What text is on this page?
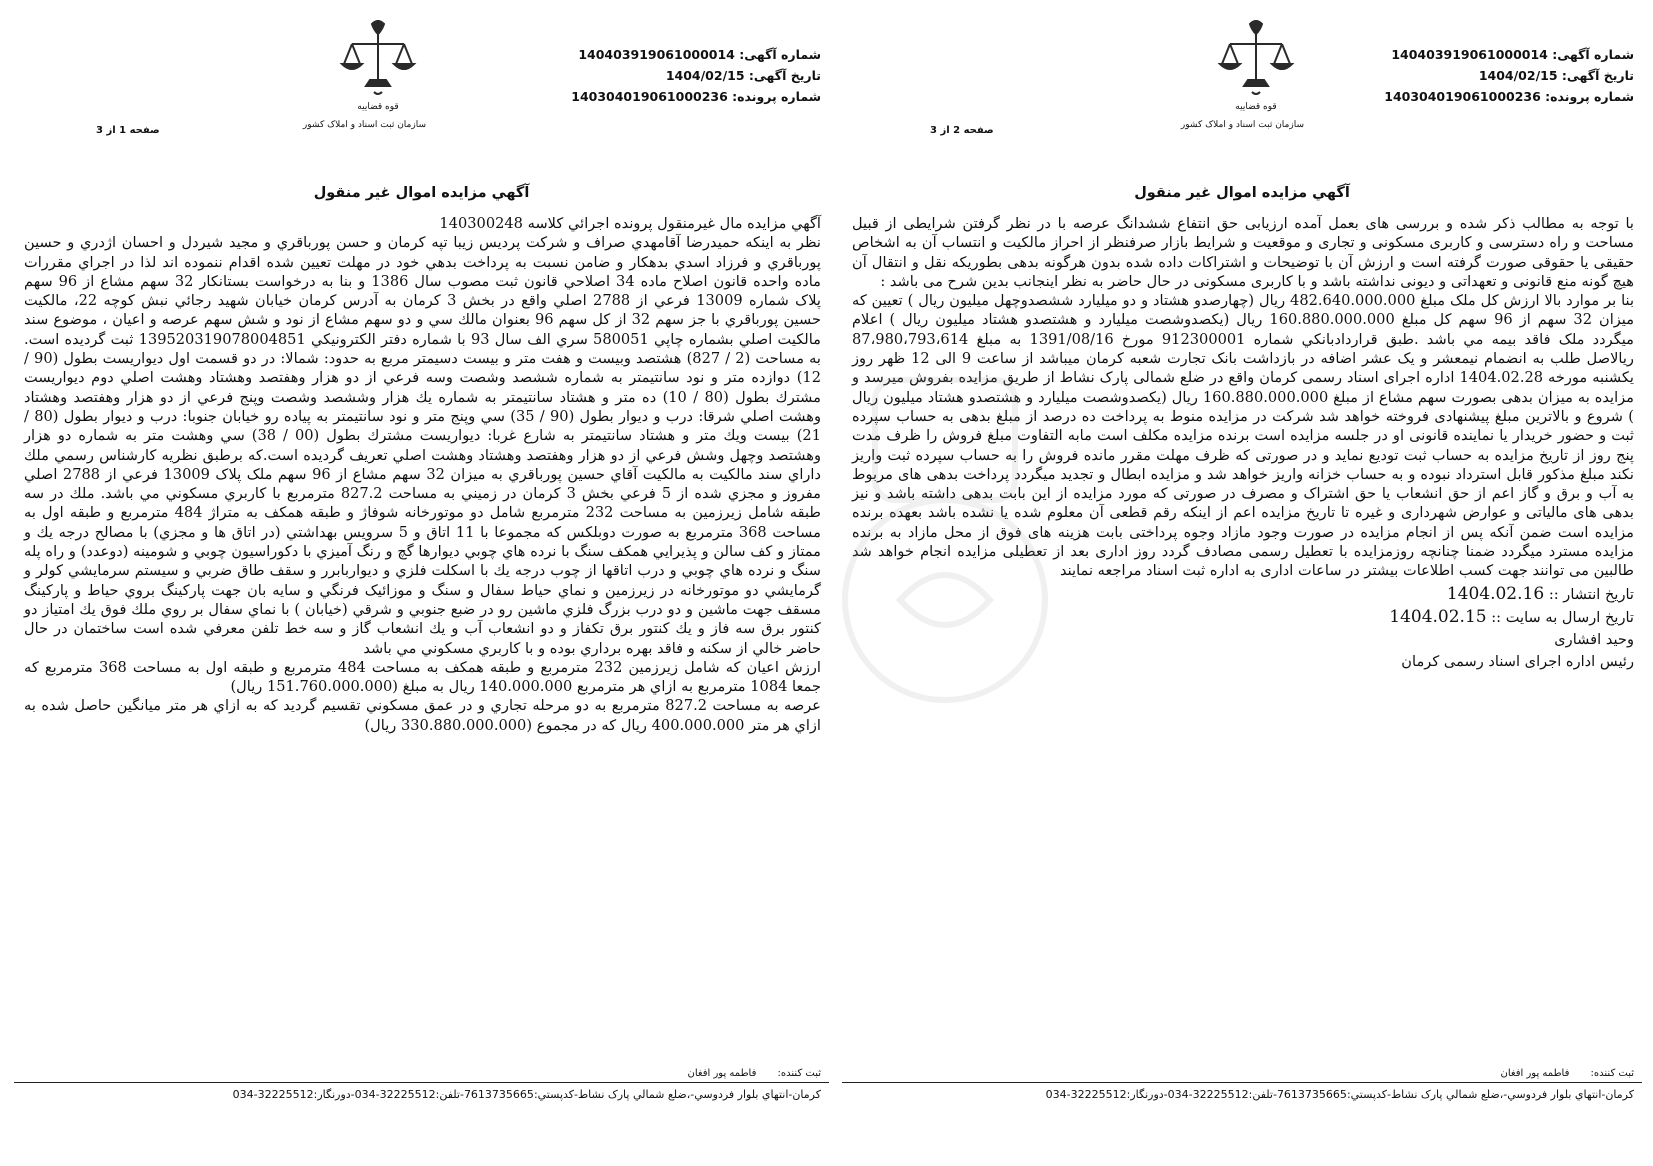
شماره آگهی: 140403919061000014
تاریخ آگهی: 1404/02/15
شماره پرونده: 140304019061000236
قوه قضاییه
سازمان ثبت اسناد و املاک کشور
صفحه 2 از 3
آگهي مزايده اموال غير منقول

با توجه به مطالب ذکر شده و بررسی های بعمل آمده ارزیابی حق انتفاع ششدانگ عرصه با در نظر گرفتن شرایطی از قبیل مساحت و راه دسترسی و کاربری مسکونی و تجاری و موقعیت و شرایط بازار صرفنظر از احراز مالکیت و انتساب آن به اشخاص حقیقی یا حقوقی صورت گرفته است و ارزش آن با توضیحات و اشتراکات داده شده بدون هرگونه بدهی بطوریکه نقل و انتقال آن هیچ گونه منع قانونی و تعهداتی و دیونی نداشته باشد و با کاربری مسکونی در حال حاضر به نظر اینجانب بدین شرح می باشد :

بنا بر موارد بالا ارزش کل ملک مبلغ 482.640.000.000 ریال (چهارصدو هشتاد و دو میلیارد ششصدوچهل میلیون ریال ) تعیین که میزان 32 سهم از 96 سهم کل مبلغ 160.880.000.000 ریال (یکصدوشصت میلیارد و هشتصدو هشتاد میلیون ریال ) اعلام ميگردد ملک فاقد بیمه مي باشد .طبق قراردادبانكي شماره 912300001 مورخ 1391/08/16 به مبلغ 87،980،793،614 ریالاصل طلب به انضمام نیمعشر و یک عشر اضافه در بازداشت بانک تجارت شعبه کرمان میباشد از ساعت 9 الی 12 ظهر روز یکشنبه مورخه 1404.02.28 اداره اجرای اسناد رسمی کرمان واقع در ضلع شمالی پارک نشاط از طریق مزایده بفروش میرسد و مزایده به میزان بدهی بصورت سهم مشاع از مبلغ 160.880.000.000 ریال (یکصدوشصت میلیارد و هشتصدو هشتاد میلیون ریال ) شروع و بالاترین مبلغ پیشنهادی فروخته خواهد شد شرکت در مزایده منوط به پرداخت ده درصد از مبلغ بدهی به حساب سپرده ثبت و حضور خریدار یا نماینده قانونی او در جلسه مزایده است برنده مزایده مکلف است مابه التفاوت مبلغ فروش را ظرف مدت پنج روز از تاریخ مزایده به حساب ثبت تودیع نماید و در صورتی که ظرف مهلت مقرر مانده فروش را به حساب سپرده ثبت واریز نکند مبلغ مذکور قابل استرداد نبوده و به حساب خزانه واریز خواهد شد و مزایده ابطال و تجدید میگردد پرداخت بدهی های مربوط به آب و برق و گاز اعم از حق انشعاب یا حق اشتراک و مصرف در صورتی که مورد مزایده از این بابت بدهی داشته باشد و نیز بدهی های مالیاتی و عوارض شهرداری و غیره تا تاریخ مزایده اعم از اینکه رقم قطعی آن معلوم شده یا نشده باشد بعهده برنده مزایده است ضمن آنکه پس از انجام مزایده در صورت وجود مازاد وجوه پرداختی بابت هزینه های فوق از محل مازاد به برنده مزایده مسترد میگردد ضمنا چنانچه روزمزایده با تعطیل رسمی مصادف گردد روز اداری بعد از تعطیلی مزایده انجام خواهد شد طالبین می توانند جهت کسب اطلاعات بیشتر در ساعات اداری به اداره ثبت اسناد مراجعه نمایند

تاریخ انتشار :: 1404.02.16

تاریخ ارسال به سایت :: 1404.02.15

وحید افشاری

رئیس اداره اجرای اسناد رسمی کرمان

ثبت کننده: فاطمه پور افغان
کرمان-انتهاي بلوار فردوسي-،ضلع شمالي پارک نشاط-کدپستي:7613735665-تلفن:32225512-034-دورنگار:32225512-034
شماره آگهی: 140403919061000014
تاریخ آگهی: 1404/02/15
شماره پرونده: 140304019061000236
قوه قضاییه
سازمان ثبت اسناد و املاک کشور
صفحه 1 از 3
آگهي مزايده اموال غير منقول

آگهي مزايده مال غيرمنقول پرونده اجرائي كلاسه 140300248

نظر به اينكه حميدرضا آقامهدي صراف و شركت پرديس زيبا تپه كرمان و حسن پورباقري و مجيد شيردل و احسان اژدري و حسين پورباقري و فرزاد اسدي بدهكار و ضامن نسبت به پرداخت بدهي خود در مهلت تعيين شده اقدام ننموده اند لذا در اجراي مقررات ماده واحده قانون اصلاح ماده 34 اصلاحي قانون ثبت مصوب سال 1386 و بنا به درخواست بستانكار 32 سهم مشاع از 96 سهم پلاک شماره 13009 فرعي از 2788 اصلي واقع در بخش 3 كرمان به آدرس كرمان خيابان شهيد رجائي نبش كوچه 22، مالكيت حسين پورباقري با جز سهم 32 از كل سهم 96 بعنوان مالك سي و دو سهم مشاع از نود و شش سهم عرصه و اعيان ، موضوع سند مالكيت اصلي بشماره چاپي 580051 سري الف سال 93 با شماره دفتر الكترونيكي 13952031907800485​1 ثبت گرديده است. به مساحت (2 / 827) هشتصد وبيست و هفت متر و بيست دسيمتر مربع به حدود: شمالا: در دو قسمت اول ديواريست بطول (90 / 12) دوازده متر و نود سانتيمتر به شماره ششصد وشصت وسه فرعي از دو هزار وهفتصد وهشتاد وهشت اصلي دوم ديواريست مشترك بطول (80 / 10) ده متر و هشتاد سانتيمتر به شماره يك هزار وششصد وشصت وپنج فرعي از دو هزار وهفتصد وهشتاد وهشت اصلي شرقا: درب و ديوار بطول (90 / 35) سي وپنج متر و نود سانتيمتر به پياده رو خيابان جنوبا: درب و ديوار بطول (80 / 21) بيست ويك متر و هشتاد سانتيمتر به شارع غربا: ديواريست مشترك بطول (00 / 38) سي وهشت متر به شماره دو هزار وهشتصد وچهل وشش فرعي از دو هزار وهفتصد وهشتاد وهشت اصلي تعريف گرديده است.كه برطبق نظريه كارشناس رسمي ملك داراي سند مالكيت به مالكيت آقاي حسين پورباقري به ميزان 32 سهم مشاع از 96 سهم ملک پلاک 13009 فرعي از 2788 اصلي مفروز و مجزي شده از 5 فرعي بخش 3 كرمان در زميني به مساحت 827.2 مترمربع با كاربري مسكوني مي باشد. ملك در سه طبقه شامل زيرزمين به مساحت 232 مترمربع شامل دو موتورخانه شوفاژ و طبقه همكف به متراژ 484 مترمربع و طبقه اول به مساحت 368 مترمربع به صورت دوبلكس كه مجموعا با 11 اتاق و 5 سرويس بهداشتي (در اتاق ها و مجزي) با مصالح درجه يك و ممتاز و كف سالن و پذيرايي همكف سنگ با نرده هاي چوبي ديوارها گچ و رنگ آميزي با دكوراسيون چوبي و شومينه (دوعدد) و راه پله سنگ و نرده هاي چوبي و درب اتاقها از چوب درجه يك با اسكلت فلزي و ديواربابرر و سقف طاق ضربي و سيستم سرمايشي كولر و گرمايشي دو موتورخانه در زيرزمين و نماي حياط سفال و سنگ و موزائيک فرنگي و سايه بان جهت پاركينگ بروي حياط و پاركينگ مسقف جهت ماشين و دو درب بزرگ فلزي ماشين رو در ضبع جنوبي و شرقي (خيابان ) با نماي سفال بر روي ملك فوق يك امتياز دو كنتور برق سه فاز و يك كنتور برق تكفاز و دو انشعاب آب و يك انشعاب گاز و سه خط تلفن معرفي شده است ساختمان در حال حاضر خالي از سكنه و فاقد بهره برداري بوده و با كاربري مسكوني مي باشد

ارزش اعيان كه شامل زيرزمين 232 مترمربع و طبقه همكف به مساحت 484 مترمربع و طبقه اول به مساحت 368 مترمربع كه جمعا 1084 مترمربع به ازاي هر مترمربع 140.000.000 ريال به مبلغ (151.760.000.000 ريال)

عرصه به مساحت 827.2 مترمربع به دو مرحله تجاري و در عمق مسكوني تقسيم گرديد كه به ازاي هر متر ميانگين حاصل شده به ازاي هر متر 400.000.000 ريال كه در مجموع (330.880.000.000 ريال)

ثبت کننده: فاطمه پور افغان
کرمان-انتهاي بلوار فردوسي-،ضلع شمالي پارک نشاط-کدپستي:7613735665-تلفن:32225512-034-دورنگار:32225512-034
